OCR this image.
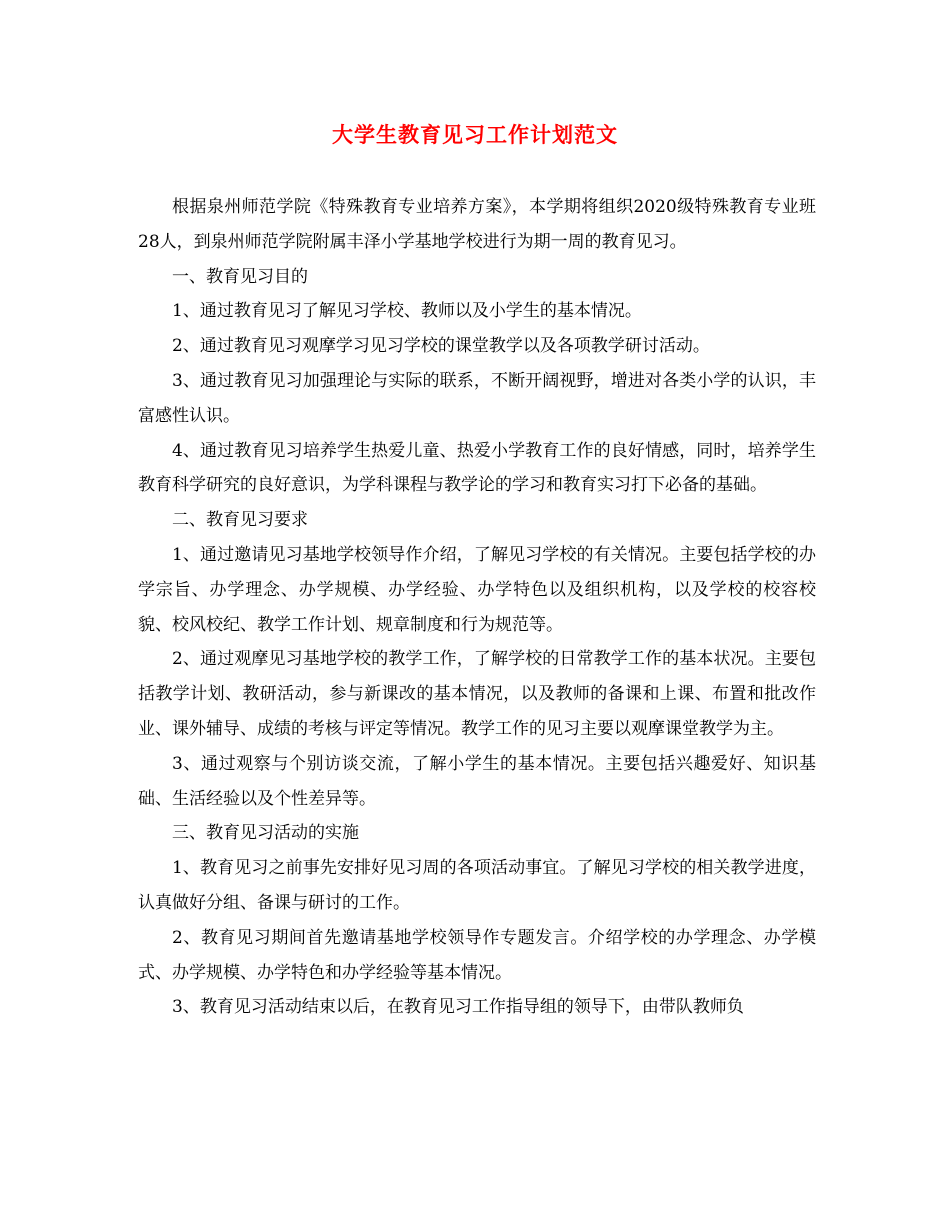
大学生教育见习工作计划范文

根据泉州师范学院《特殊教育专业培养方案》，本学期将组织2020级特殊教育专业班28人，到泉州师范学院附属丰泽小学基地学校进行为期一周的教育见习。

一、教育见习目的

1、通过教育见习了解见习学校、教师以及小学生的基本情况。

2、通过教育见习观摩学习见习学校的课堂教学以及各项教学研讨活动。

3、通过教育见习加强理论与实际的联系，不断开阔视野，增进对各类小学的认识，丰富感性认识。

4、通过教育见习培养学生热爱儿童、热爱小学教育工作的良好情感，同时，培养学生教育科学研究的良好意识，为学科课程与教学论的学习和教育实习打下必备的基础。

二、教育见习要求

1、通过邀请见习基地学校领导作介绍，了解见习学校的有关情况。主要包括学校的办学宗旨、办学理念、办学规模、办学经验、办学特色以及组织机构，以及学校的校容校貌、校风校纪、教学工作计划、规章制度和行为规范等。

2、通过观摩见习基地学校的教学工作，了解学校的日常教学工作的基本状况。主要包括教学计划、教研活动，参与新课改的基本情况，以及教师的备课和上课、布置和批改作业、课外辅导、成绩的考核与评定等情况。教学工作的见习主要以观摩课堂教学为主。

3、通过观察与个别访谈交流，了解小学生的基本情况。主要包括兴趣爱好、知识基础、生活经验以及个性差异等。

三、教育见习活动的实施

1、教育见习之前事先安排好见习周的各项活动事宜。了解见习学校的相关教学进度，认真做好分组、备课与研讨的工作。

2、教育见习期间首先邀请基地学校领导作专题发言。介绍学校的办学理念、办学模式、办学规模、办学特色和办学经验等基本情况。

3、教育见习活动结束以后，在教育见习工作指导组的领导下，由带队教师负
